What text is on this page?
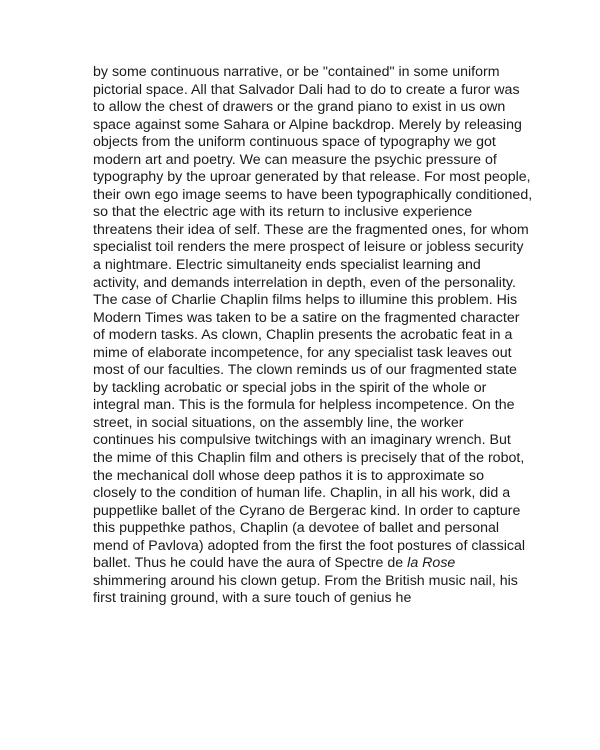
by some continuous narrative, or be "contained" in some uniform
pictorial space. All that Salvador Dali had to do to create a furor was
to allow the chest of drawers or the grand piano to exist in us own
space against some Sahara or Alpine backdrop. Merely by releasing
objects from the uniform continuous space of typography we got
modern art and poetry. We can measure the psychic pressure of
typography by the uproar generated by that release. For most people,
their own ego image seems to have been typographically conditioned,
so that the electric age with its return to inclusive experience
threatens their idea of self. These are the fragmented ones, for whom
specialist toil renders the mere prospect of leisure or jobless security
a nightmare. Electric simultaneity ends specialist learning and
activity, and demands interrelation in depth, even of the personality.
The case of Charlie Chaplin films helps to illumine this problem. His
Modern Times was taken to be a satire on the fragmented character
of modern tasks. As clown, Chaplin presents the acrobatic feat in a
mime of elaborate incompetence, for any specialist task leaves out
most of our faculties. The clown reminds us of our fragmented state
by tackling acrobatic or special jobs in the spirit of the whole or
integral man. This is the formula for helpless incompetence. On the
street, in social situations, on the assembly line, the worker
continues his compulsive twitchings with an imaginary wrench. But
the mime of this Chaplin film and others is precisely that of the robot,
the mechanical doll whose deep pathos it is to approximate so
closely to the condition of human life. Chaplin, in all his work, did a
puppetlike ballet of the Cyrano de Bergerac kind. In order to capture
this puppethke pathos, Chaplin (a devotee of ballet and personal
mend of Pavlova) adopted from the first the foot postures of classical
ballet. Thus he could have the aura of Spectre de la Rose
shimmering around his clown getup. From the British music nail, his
first training ground, with a sure touch of genius he
